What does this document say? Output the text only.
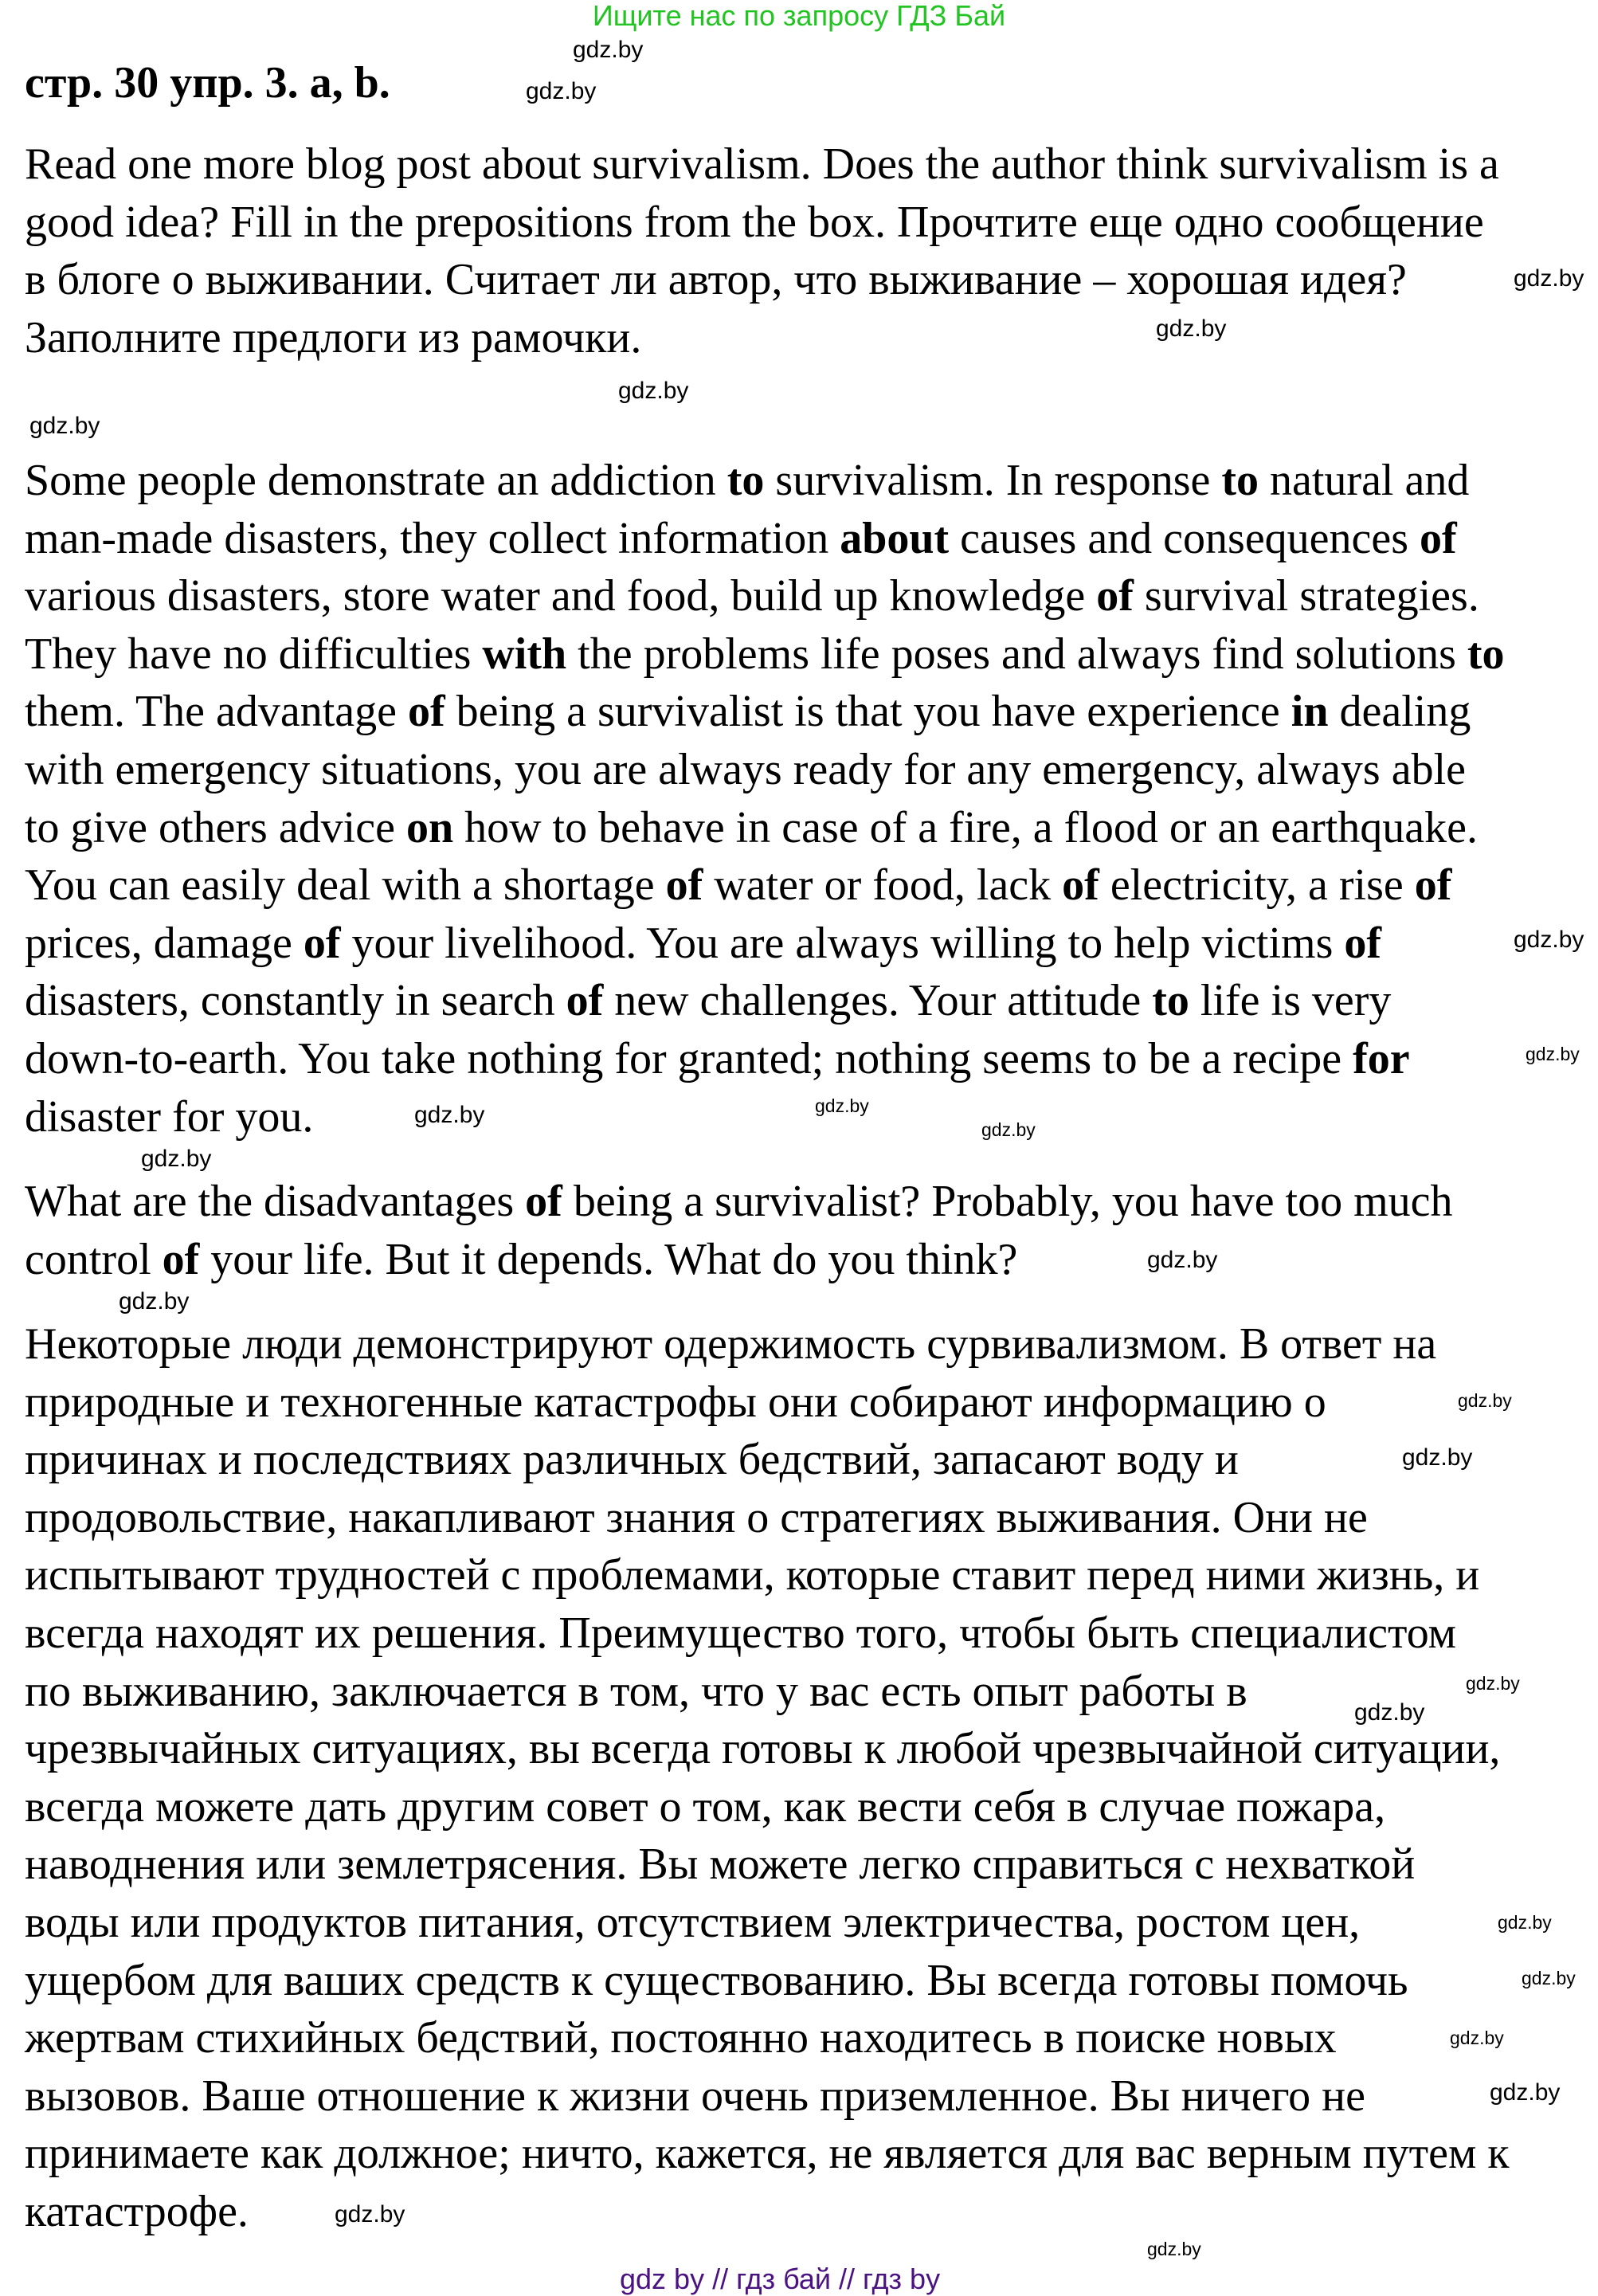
Ищите нас по запросу ГДЗ Бай
стр. 30 упр. 3. a, b.
Read one more blog post about survivalism. Does the author think survivalism is a
good idea? Fill in the prepositions from the box. Прочтите еще одно сообщение
в блоге о выживании. Считает ли автор, что выживание – хорошая идея?
Заполните предлоги из рамочки.
Some people demonstrate an addiction to survivalism. In response to natural and
man-made disasters, they collect information about causes and consequences of
various disasters, store water and food, build up knowledge of survival strategies.
They have no difficulties with the problems life poses and always find solutions to
them. The advantage of being a survivalist is that you have experience in dealing
with emergency situations, you are always ready for any emergency, always able
to give others advice on how to behave in case of a fire, a flood or an earthquake.
You can easily deal with a shortage of water or food, lack of electricity, a rise of
prices, damage of your livelihood. You are always willing to help victims of
disasters, constantly in search of new challenges. Your attitude to life is very
down-to-earth. You take nothing for granted; nothing seems to be a recipe for
disaster for you.
What are the disadvantages of being a survivalist? Probably, you have too much
control of your life. But it depends. What do you think?
Некоторые люди демонстрируют одержимость сурвивализмом. В ответ на
природные и техногенные катастрофы они собирают информацию о
причинах и последствиях различных бедствий, запасают воду и
продовольствие, накапливают знания о стратегиях выживания. Они не
испытывают трудностей с проблемами, которые ставит перед ними жизнь, и
всегда находят их решения. Преимущество того, чтобы быть специалистом
по выживанию, заключается в том, что у вас есть опыт работы в
чрезвычайных ситуациях, вы всегда готовы к любой чрезвычайной ситуации,
всегда можете дать другим совет о том, как вести себя в случае пожара,
наводнения или землетрясения. Вы можете легко справиться с нехваткой
воды или продуктов питания, отсутствием электричества, ростом цен,
ущербом для ваших средств к существованию. Вы всегда готовы помочь
жертвам стихийных бедствий, постоянно находитесь в поиске новых
вызовов. Ваше отношение к жизни очень приземленное. Вы ничего не
принимаете как должное; ничто, кажется, не является для вас верным путем к
катастрофе.
gdz.by
gdz.by
gdz.by
gdz.by
gdz.by
gdz.by
gdz.by
gdz.by
gdz.by
gdz.by
gdz.by
gdz.by
gdz.by
gdz.by
gdz.by
gdz.by
gdz.by
gdz.by
gdz.by
gdz.by
gdz.by
gdz.by
gdz.by
gdz.by
gdz by // гдз бай // гдз by
